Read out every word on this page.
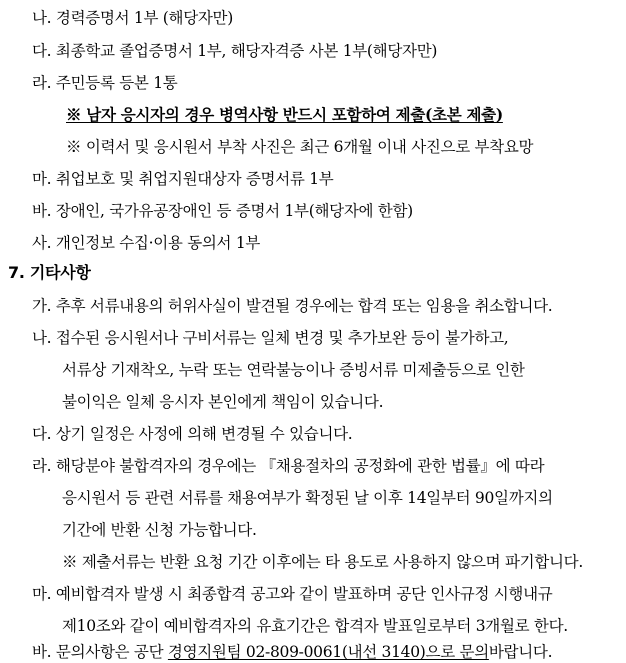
나. 경력증명서 1부 (해당자만)
다. 최종학교 졸업증명서 1부, 해당자격증 사본 1부(해당자만)
라. 주민등록 등본 1통
※ 남자 응시자의 경우 병역사항 반드시 포함하여 제출(초본 제출)
※ 이력서 및 응시원서 부착 사진은 최근 6개월 이내 사진으로 부착요망
마. 취업보호 및 취업지원대상자 증명서류 1부
바. 장애인, 국가유공장애인 등 증명서 1부(해당자에 한함)
사. 개인정보 수집·이용 동의서 1부
7. 기타사항
가. 추후 서류내용의 허위사실이 발견될 경우에는 합격 또는 임용을 취소합니다.
나. 접수된 응시원서나 구비서류는 일체 변경 및 추가보완 등이 불가하고,
서류상 기재착오, 누락 또는 연락불능이나 증빙서류 미제출등으로 인한
불이익은 일체 응시자 본인에게 책임이 있습니다.
다. 상기 일정은 사정에 의해 변경될 수 있습니다.
라. 해당분야 불합격자의 경우에는 『채용절차의 공정화에 관한 법률』에 따라
응시원서 등 관련 서류를 채용여부가 확정된 날 이후 14일부터 90일까지의
기간에 반환 신청 가능합니다.
※ 제출서류는 반환 요청 기간 이후에는 타 용도로 사용하지 않으며 파기합니다.
마. 예비합격자 발생 시 최종합격 공고와 같이 발표하며 공단 인사규정 시행내규
제10조와 같이 예비합격자의 유효기간은 합격자 발표일로부터 3개월로 한다.
바. 문의사항은 공단 경영지원팀 02-809-0061(내선 3140)으로 문의바랍니다.
